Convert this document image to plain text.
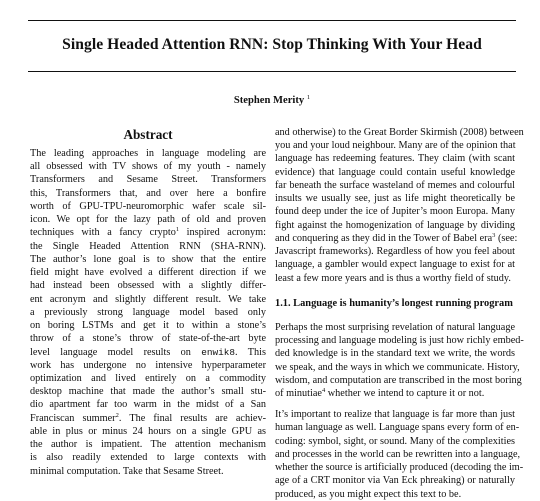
Single Headed Attention RNN: Stop Thinking With Your Head
Stephen Merity $^1$
Abstract
The leading approaches in language modeling are
all obsessed with TV shows of my youth - namely
Transformers and Sesame Street. Transformers
this, Transformers that, and over here a bonfire
worth of GPU-TPU-neuromorphic wafer scale sil-
icon. We opt for the lazy path of old and proven
techniques with a fancy crypto$^1$ inspired acronym:
the Single Headed Attention RNN (SHA-RNN).
The author’s lone goal is to show that the entire
field might have evolved a different direction if we
had instead been obsessed with a slightly differ-
ent acronym and slightly different result. We take
a previously strong language model based only
on boring LSTMs and get it to within a stone’s
throw of a stone’s throw of state-of-the-art byte
level language model results on enwik8. This
work has undergone no intensive hyperparameter
optimization and lived entirely on a commodity
desktop machine that made the author’s small stu-
dio apartment far too warm in the midst of a San
Franciscan summer$^2$. The final results are achiev-
able in plus or minus 24 hours on a single GPU as
the author is impatient. The attention mechanism
is also readily extended to large contexts with
minimal computation. Take that Sesame Street.
and otherwise) to the Great Border Skirmish (2008) between
you and your loud neighbour. Many are of the opinion that
language has redeeming features. They claim (with scant
evidence) that language could contain useful knowledge
far beneath the surface wasteland of memes and colourful
insults we usually see, just as life might theoretically be
found deep under the ice of Jupiter’s moon Europa. Many
fight against the homogenization of language by dividing
and conquering as they did in the Tower of Babel era$^3$ (see:
Javascript frameworks). Regardless of how you feel about
language, a gambler would expect language to exist for at
least a few more years and is thus a worthy field of study.
1.1. Language is humanity’s longest running program
Perhaps the most surprising revelation of natural language
processing and language modeling is just how richly embed-
ded knowledge is in the standard text we write, the words
we speak, and the ways in which we communicate. History,
wisdom, and computation are transcribed in the most boring
of minutiae$^4$ whether we intend to capture it or not.
It’s important to realize that language is far more than just
human language as well. Language spans every form of en-
coding: symbol, sight, or sound. Many of the complexities
and processes in the world can be rewritten into a language,
whether the source is artificially produced (decoding the im-
age of a CRT monitor via Van Eck phreaking) or naturally
produced, as you might expect this text to be.
